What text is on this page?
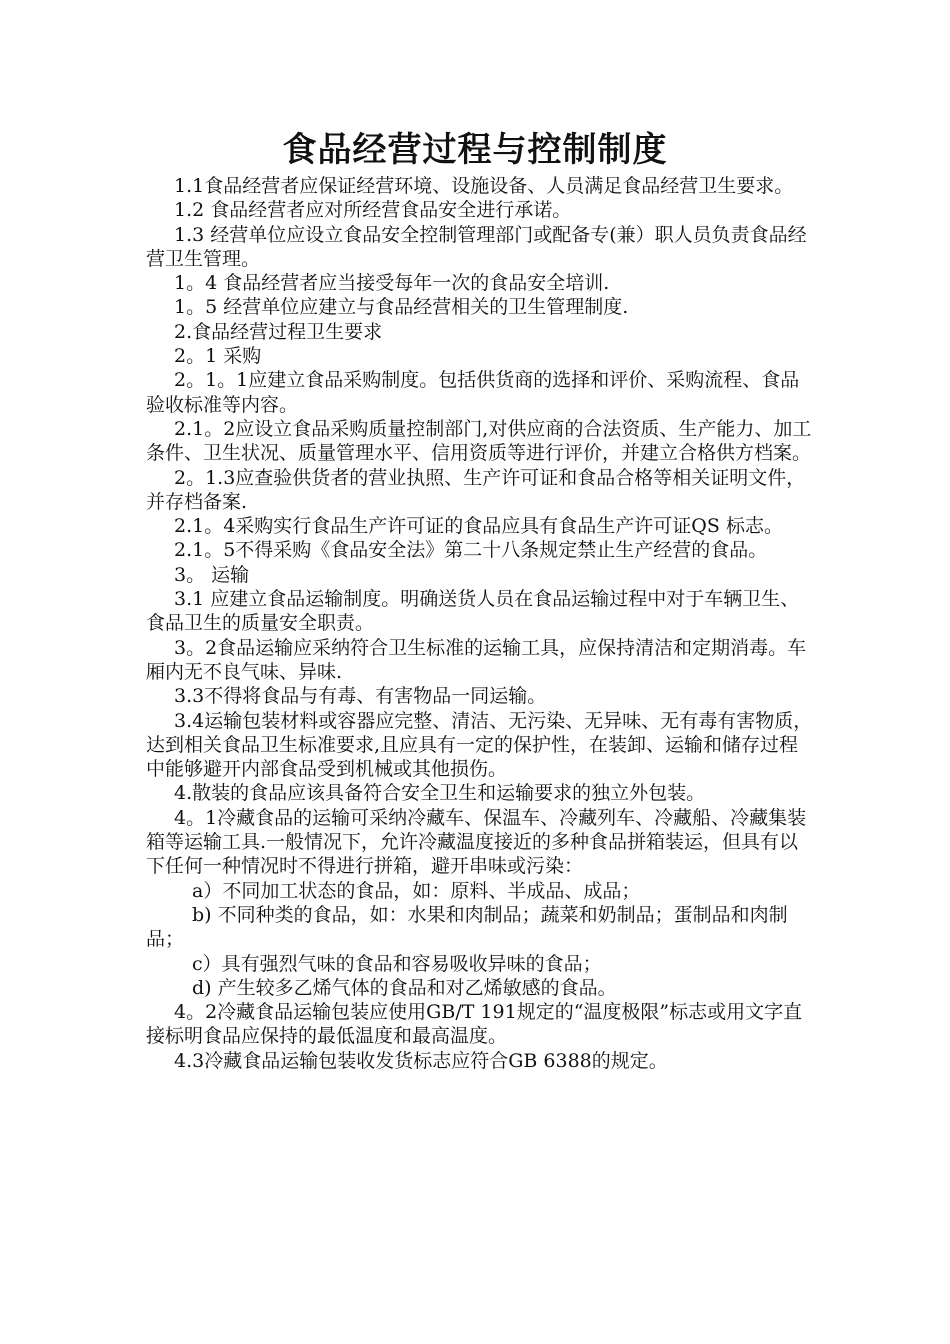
食品经营过程与控制制度

1.1食品经营者应保证经营环境、设施设备、人员满足食品经营卫生要求。

1.2 食品经营者应对所经营食品安全进行承诺。

1.3 经营单位应设立食品安全控制管理部门或配备专(兼）职人员负责食品经营卫生管理。

1。4 食品经营者应当接受每年一次的食品安全培训.

1。5 经营单位应建立与食品经营相关的卫生管理制度.

2.食品经营过程卫生要求

2。1 采购

2。1。1应建立食品采购制度。包括供货商的选择和评价、采购流程、食品验收标准等内容。

2.1。2应设立食品采购质量控制部门,对供应商的合法资质、生产能力、加工条件、卫生状况、质量管理水平、信用资质等进行评价，并建立合格供方档案。

2。1.3应查验供货者的营业执照、生产许可证和食品合格等相关证明文件，并存档备案.

2.1。4采购实行食品生产许可证的食品应具有食品生产许可证QS 标志。

2.1。5不得采购《食品安全法》第二十八条规定禁止生产经营的食品。

3。 运输

3.1 应建立食品运输制度。明确送货人员在食品运输过程中对于车辆卫生、食品卫生的质量安全职责。

3。2食品运输应采纳符合卫生标准的运输工具，应保持清洁和定期消毒。车厢内无不良气味、异味.

3.3不得将食品与有毒、有害物品一同运输。

3.4运输包装材料或容器应完整、清洁、无污染、无异味、无有毒有害物质，达到相关食品卫生标准要求,且应具有一定的保护性，在装卸、运输和储存过程中能够避开内部食品受到机械或其他损伤。

4.散装的食品应该具备符合安全卫生和运输要求的独立外包装。

4。1冷藏食品的运输可采纳冷藏车、保温车、冷藏列车、冷藏船、冷藏集装箱等运输工具.一般情况下，允许冷藏温度接近的多种食品拼箱装运，但具有以下任何一种情况时不得进行拼箱，避开串味或污染：

a）不同加工状态的食品，如：原料、半成品、成品；

b) 不同种类的食品，如：水果和肉制品；蔬菜和奶制品；蛋制品和肉制品；

c）具有强烈气味的食品和容易吸收异味的食品；

d) 产生较多乙烯气体的食品和对乙烯敏感的食品。

4。2冷藏食品运输包装应使用GB/T 191规定的“温度极限”标志或用文字直接标明食品应保持的最低温度和最高温度。

4.3冷藏食品运输包装收发货标志应符合GB 6388的规定。
